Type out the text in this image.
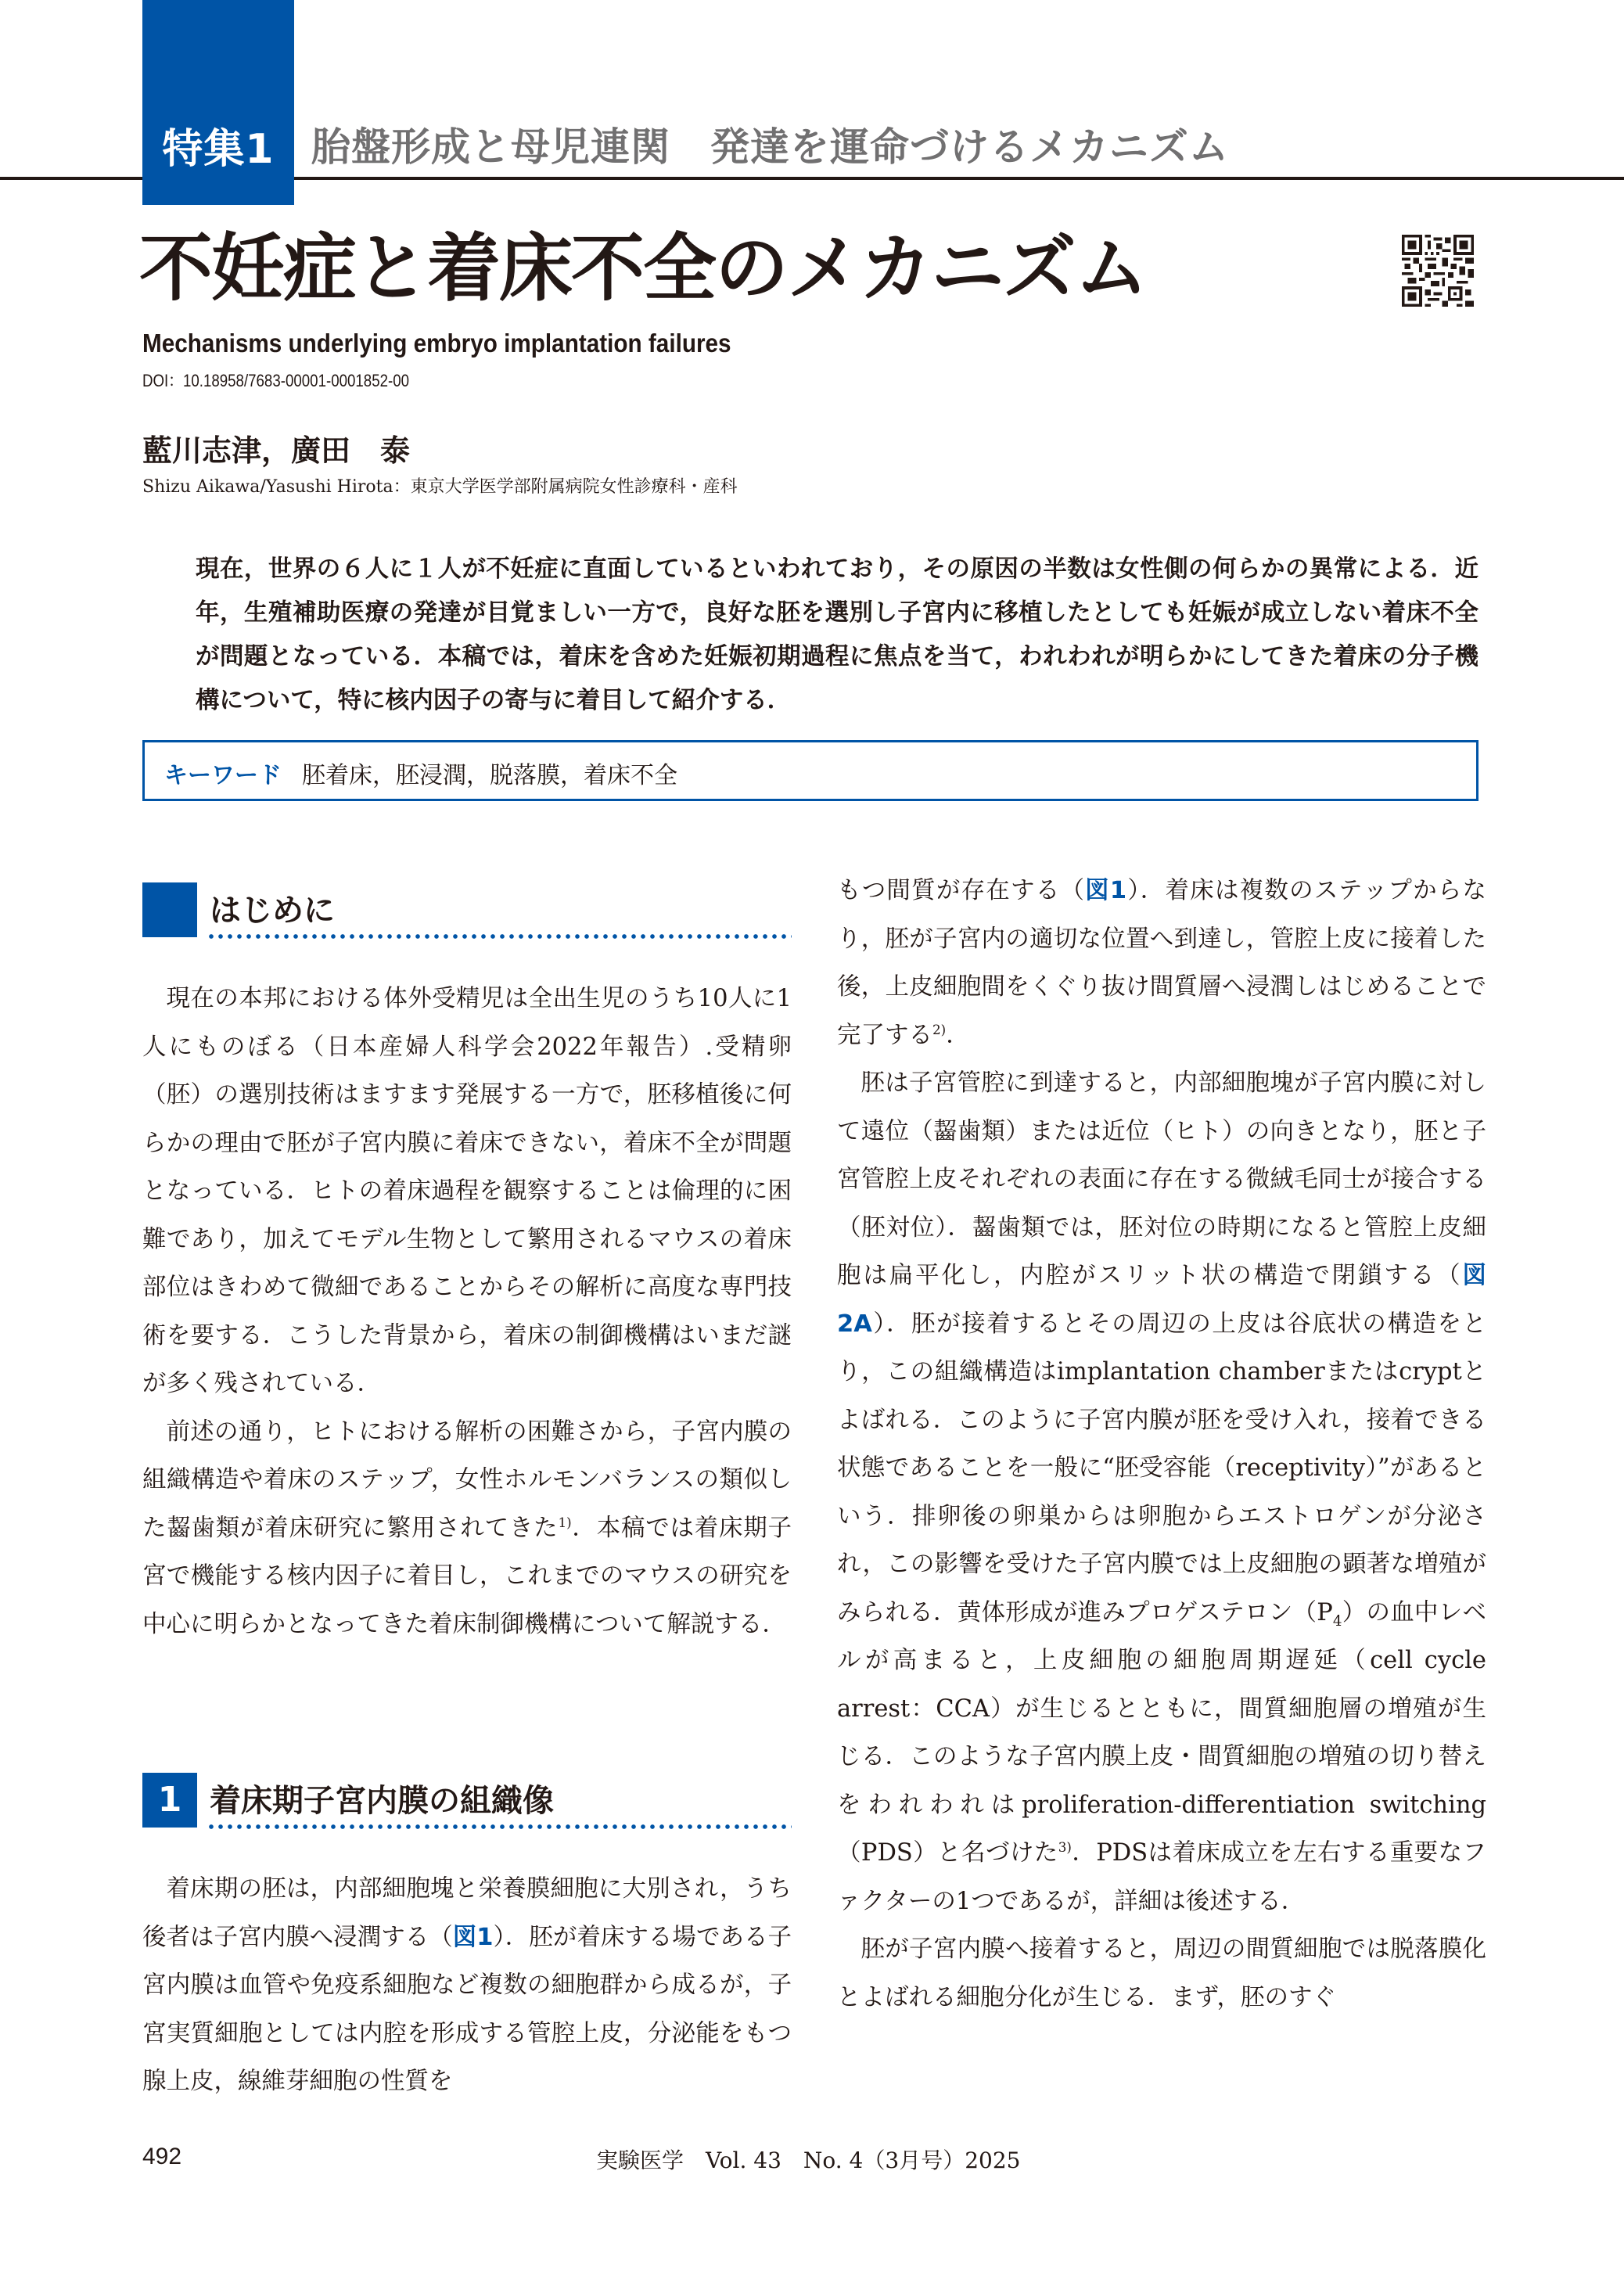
特集1 胎盤形成と母児連関　発達を運命づけるメカニズム
不妊症と着床不全のメカニズム
Mechanisms underlying embryo implantation failures
DOI：10.18958/7683-00001-0001852-00
藍川志津，廣田　泰
Shizu Aikawa/Yasushi Hirota：東京大学医学部附属病院女性診療科・産科
現在，世界の６人に１人が不妊症に直面しているといわれており，その原因の半数は女性側の何らかの異常による．近年，生殖補助医療の発達が目覚ましい一方で，良好な胚を選別し子宮内に移植したとしても妊娠が成立しない着床不全が問題となっている．本稿では，着床を含めた妊娠初期過程に焦点を当て，われわれが明らかにしてきた着床の分子機構について，特に核内因子の寄与に着目して紹介する．
キーワード 胚着床，胚浸潤，脱落膜，着床不全
はじめに

現在の本邦における体外受精児は全出生児のうち10人に1人にものぼる（日本産婦人科学会2022年報告）.受精卵（胚）の選別技術はますます発展する一方で，胚移植後に何らかの理由で胚が子宮内膜に着床できない，着床不全が問題となっている．ヒトの着床過程を観察することは倫理的に困難であり，加えてモデル生物として繁用されるマウスの着床部位はきわめて微細であることからその解析に高度な専門技術を要する．こうした背景から，着床の制御機構はいまだ謎が多く残されている．

前述の通り，ヒトにおける解析の困難さから，子宮内膜の組織構造や着床のステップ，女性ホルモンバランスの類似した齧歯類が着床研究に繁用されてきた$^{1)}$．本稿では着床期子宮で機能する核内因子に着目し，これまでのマウスの研究を中心に明らかとなってきた着床制御機構について解説する．

1 着床期子宮内膜の組織像

着床期の胚は，内部細胞塊と栄養膜細胞に大別され，うち後者は子宮内膜へ浸潤する（図1）．胚が着床する場である子宮内膜は血管や免疫系細胞など複数の細胞群から成るが，子宮実質細胞としては内腔を形成する管腔上皮，分泌能をもつ腺上皮，線維芽細胞の性質を

もつ間質が存在する（図1）．着床は複数のステップからなり，胚が子宮内の適切な位置へ到達し，管腔上皮に接着した後，上皮細胞間をくぐり抜け間質層へ浸潤しはじめることで完了する$^{2)}$．

胚は子宮管腔に到達すると，内部細胞塊が子宮内膜に対して遠位（齧歯類）または近位（ヒト）の向きとなり，胚と子宮管腔上皮それぞれの表面に存在する微絨毛同士が接合する（胚対位）．齧歯類では，胚対位の時期になると管腔上皮細胞は扁平化し，内腔がスリット状の構造で閉鎖する（図2A）．胚が接着するとその周辺の上皮は谷底状の構造をとり，この組織構造はimplantation chamberまたはcryptとよばれる．このように子宮内膜が胚を受け入れ，接着できる状態であることを一般に“胚受容能（receptivity）”があるという．排卵後の卵巣からは卵胞からエストロゲンが分泌され，この影響を受けた子宮内膜では上皮細胞の顕著な増殖がみられる．黄体形成が進みプロゲステロン$(P_4)$の血中レベルが高まると，上皮細胞の細胞周期遅延（cell cycle arrest：CCA）が生じるとともに，間質細胞層の増殖が生じる．このような子宮内膜上皮・間質細胞の増殖の切り替えをわれわれはproliferation-differentiation switching（PDS）と名づけた$^{3)}$．PDSは着床成立を左右する重要なファクターの1つであるが，詳細は後述する．

胚が子宮内膜へ接着すると，周辺の間質細胞では脱落膜化とよばれる細胞分化が生じる．まず，胚のすぐ

492	実験医学　Vol. 43　No. 4（3月号）2025
